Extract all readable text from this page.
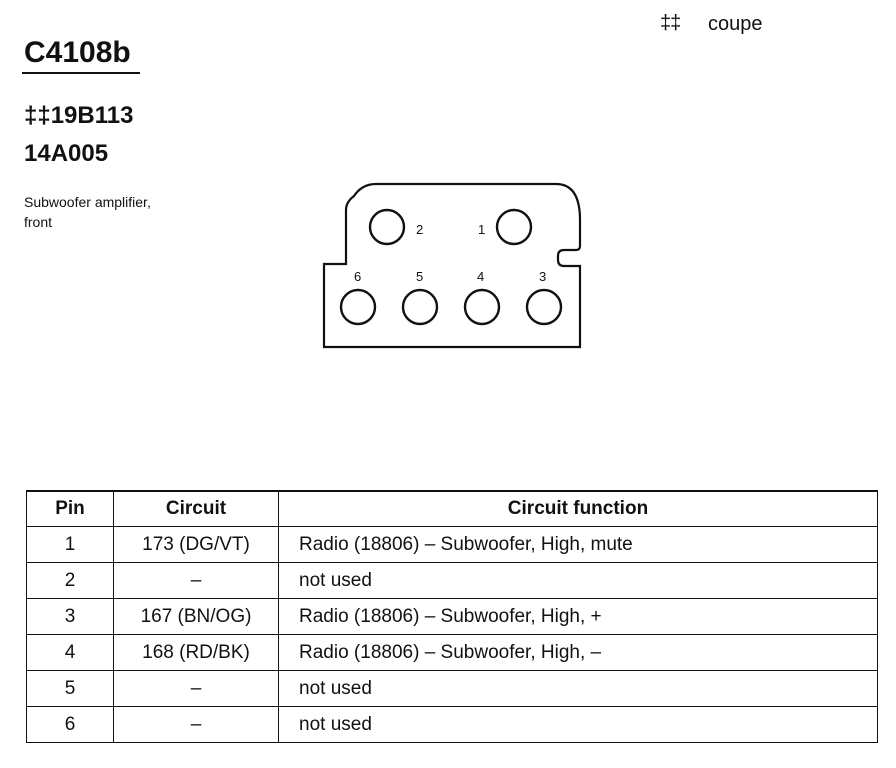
‡‡ coupe
C4108b
‡‡19B113
14A005
Subwoofer amplifier,
front	2	1
6	5	4	3
Pin	Circuit	Circuit function
1	173 (DG/VT)	Radio (18806) – Subwoofer, High, mute
2	–	not used
3	167 (BN/OG)	Radio (18806) – Subwoofer, High, +
4	168 (RD/BK)	Radio (18806) – Subwoofer, High, –
5	–	not used
6	–	not used
